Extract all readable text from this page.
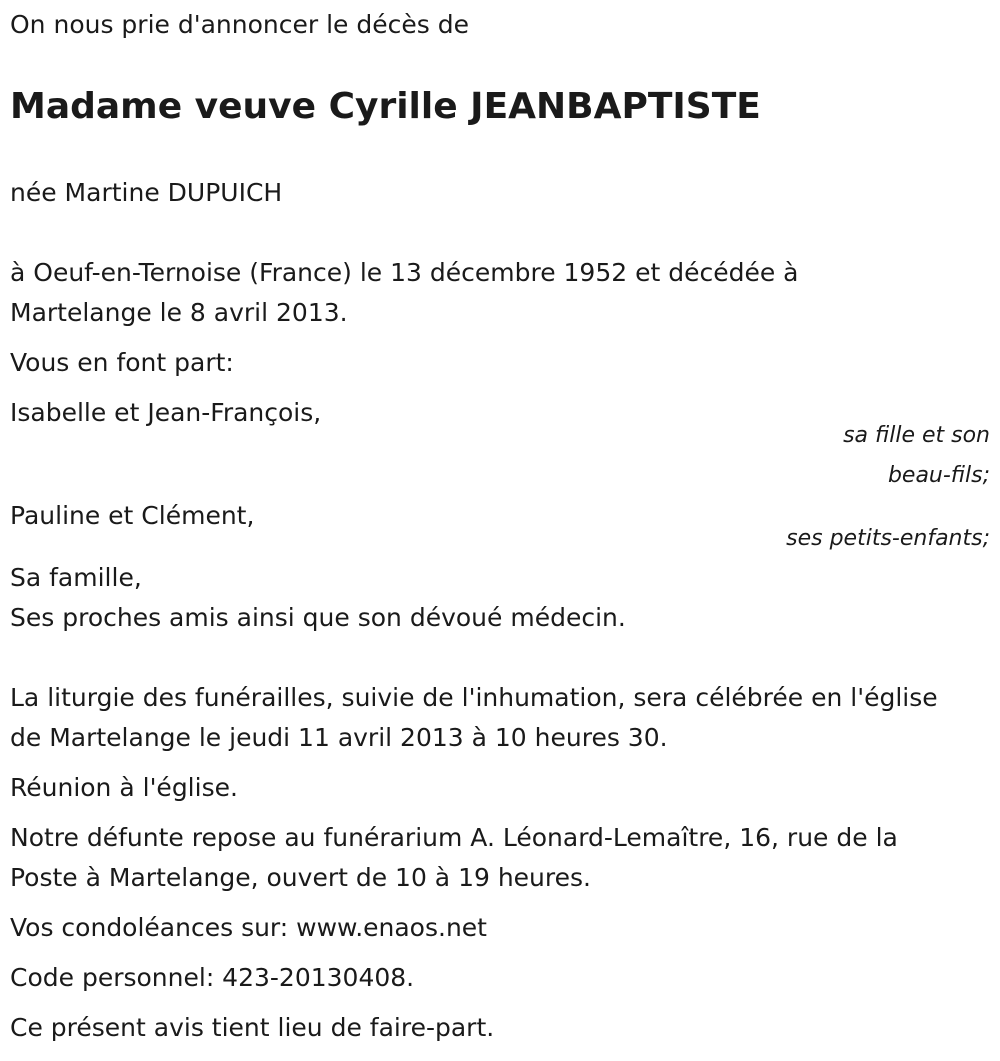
On nous prie d'annoncer le décès de
Madame veuve Cyrille JEANBAPTISTE
née Martine DUPUICH
à Oeuf-en-Ternoise (France) le 13 décembre 1952 et décédée à
Martelange le 8 avril 2013.
Vous en font part:
Isabelle et Jean-François,
sa fille et son
beau-fils;
Pauline et Clément,
ses petits-enfants;
Sa famille,
Ses proches amis ainsi que son dévoué médecin.
La liturgie des funérailles, suivie de l'inhumation, sera célébrée en l'église
de Martelange le jeudi 11 avril 2013 à 10 heures 30.
Réunion à l'église.
Notre défunte repose au funérarium A. Léonard-Lemaître, 16, rue de la
Poste à Martelange, ouvert de 10 à 19 heures.
Vos condoléances sur: www.enaos.net
Code personnel: 423-20130408.
Ce présent avis tient lieu de faire-part.
